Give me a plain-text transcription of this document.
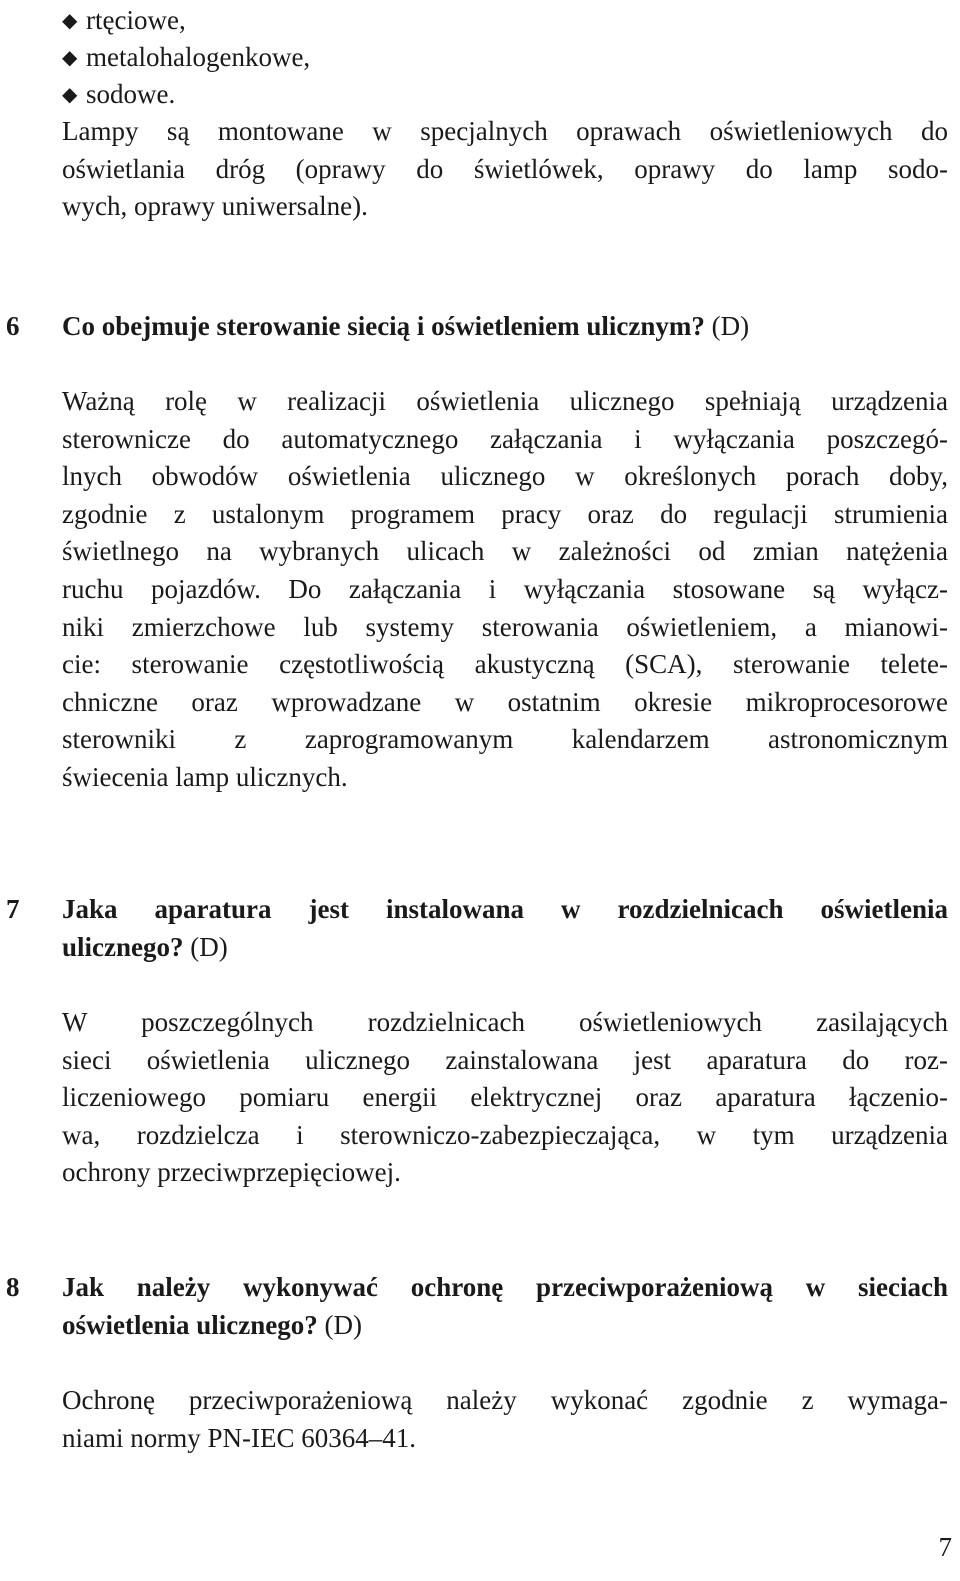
◆ rtęciowe,
◆ metalohalogenkowe,
◆ sodowe.

Lampy są montowane w specjalnych oprawach oświetleniowych do
oświetlania dróg (oprawy do świetlówek, oprawy do lamp sodo-
wych, oprawy uniwersalne).

6 Co obejmuje sterowanie siecią i oświetleniem ulicznym? (D)

Ważną rolę w realizacji oświetlenia ulicznego spełniają urządzenia
sterownicze do automatycznego załączania i wyłączania poszczegó-
lnych obwodów oświetlenia ulicznego w określonych porach doby,
zgodnie z ustalonym programem pracy oraz do regulacji strumienia
świetlnego na wybranych ulicach w zależności od zmian natężenia
ruchu pojazdów. Do załączania i wyłączania stosowane są wyłącz-
niki zmierzchowe lub systemy sterowania oświetleniem, a mianowi-
cie: sterowanie częstotliwością akustyczną (SCA), sterowanie telete-
chniczne oraz wprowadzane w ostatnim okresie mikroprocesorowe
sterowniki z zaprogramowanym kalendarzem astronomicznym
świecenia lamp ulicznych.

7 Jaka aparatura jest instalowana w rozdzielnicach oświetlenia
ulicznego? (D)

W poszczególnych rozdzielnicach oświetleniowych zasilających
sieci oświetlenia ulicznego zainstalowana jest aparatura do roz-
liczeniowego pomiaru energii elektrycznej oraz aparatura łączenio-
wa, rozdzielcza i sterowniczo-zabezpieczająca, w tym urządzenia
ochrony przeciwprzepięciowej.

8 Jak należy wykonywać ochronę przeciwporażeniową w sieciach
oświetlenia ulicznego? (D)

Ochronę przeciwporażeniową należy wykonać zgodnie z wymaga-
niami normy PN-IEC 60364–41.

7
